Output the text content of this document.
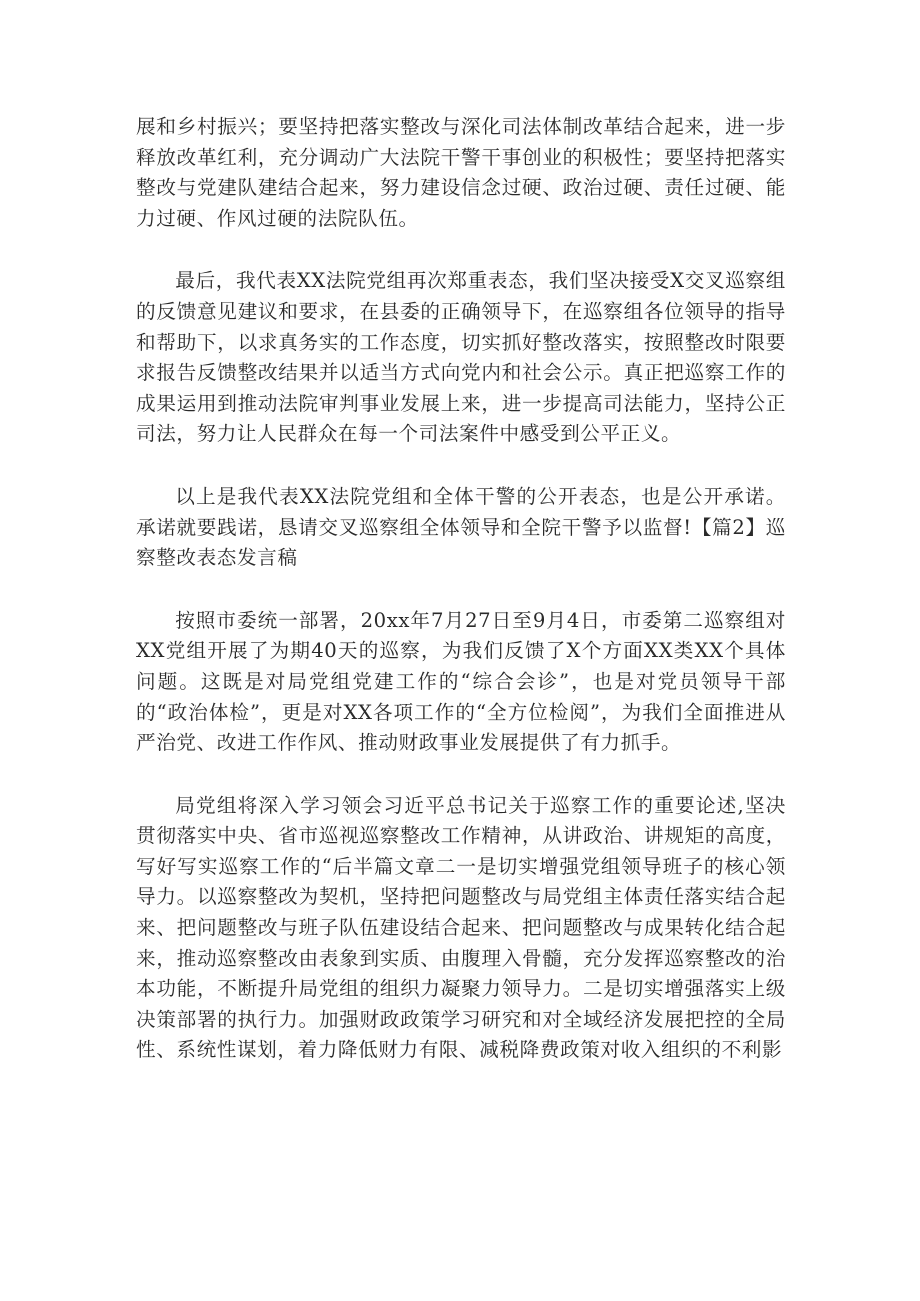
展和乡村振兴；要坚持把落实整改与深化司法体制改革结合起来，进一步释放改革红利，充分调动广大法院干警干事创业的积极性；要坚持把落实整改与党建队建结合起来，努力建设信念过硬、政治过硬、责任过硬、能力过硬、作风过硬的法院队伍。

最后，我代表XX法院党组再次郑重表态，我们坚决接受X交叉巡察组的反馈意见建议和要求，在县委的正确领导下，在巡察组各位领导的指导和帮助下，以求真务实的工作态度，切实抓好整改落实，按照整改时限要求报告反馈整改结果并以适当方式向党内和社会公示。真正把巡察工作的成果运用到推动法院审判事业发展上来，进一步提高司法能力，坚持公正司法，努力让人民群众在每一个司法案件中感受到公平正义。

以上是我代表XX法院党组和全体干警的公开表态，也是公开承诺。承诺就要践诺，恳请交叉巡察组全体领导和全院干警予以监督!【篇2】巡察整改表态发言稿

按照市委统一部署，20xx年7月27日至9月4日，市委第二巡察组对XX党组开展了为期40天的巡察，为我们反馈了X个方面XX类XX个具体问题。这既是对局党组党建工作的“综合会诊”，也是对党员领导干部的“政治体检”，更是对XX各项工作的“全方位检阅”，为我们全面推进从严治党、改进工作作风、推动财政事业发展提供了有力抓手。

局党组将深入学习领会习近平总书记关于巡察工作的重要论述,坚决贯彻落实中央、省市巡视巡察整改工作精神，从讲政治、讲规矩的高度，写好写实巡察工作的“后半篇文章二一是切实增强党组领导班子的核心领导力。以巡察整改为契机，坚持把问题整改与局党组主体责任落实结合起来、把问题整改与班子队伍建设结合起来、把问题整改与成果转化结合起来，推动巡察整改由表象到实质、由腹理入骨髓，充分发挥巡察整改的治本功能，不断提升局党组的组织力凝聚力领导力。二是切实增强落实上级决策部署的执行力。加强财政政策学习研究和对全域经济发展把控的全局性、系统性谋划，着力降低财力有限、减税降费政策对收入组织的不利影
